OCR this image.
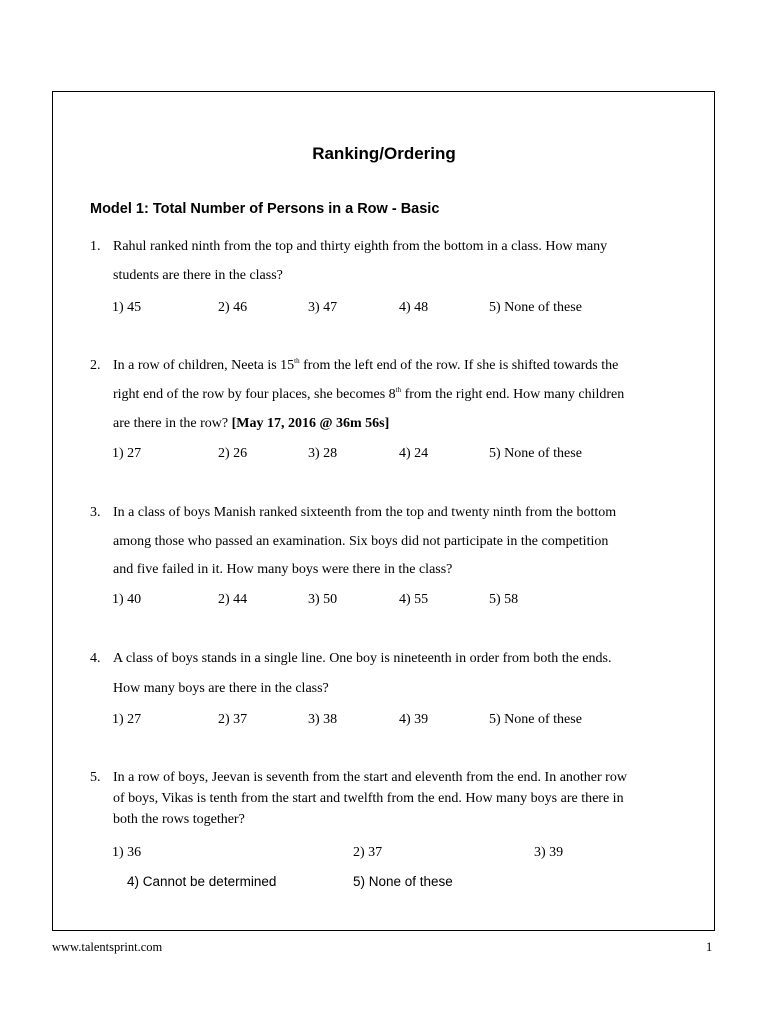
Ranking/Ordering
Model 1: Total Number of Persons in a Row - Basic
1. Rahul ranked ninth from the top and thirty eighth from the bottom in a class. How many
students are there in the class?
1) 45	2) 46	3) 47	4) 48	5) None of these
2. In a row of children, Neeta is 15th from the left end of the row. If she is shifted towards the
right end of the row by four places, she becomes 8th from the right end. How many children
are there in the row? [May 17, 2016 @ 36m 56s]
1) 27	2) 26	3) 28	4) 24	5) None of these
3. In a class of boys Manish ranked sixteenth from the top and twenty ninth from the bottom
among those who passed an examination. Six boys did not participate in the competition
and five failed in it. How many boys were there in the class?
1) 40	2) 44	3) 50	4) 55	5) 58
4. A class of boys stands in a single line. One boy is nineteenth in order from both the ends.
How many boys are there in the class?
1) 27	2) 37	3) 38	4) 39	5) None of these
5. In a row of boys, Jeevan is seventh from the start and eleventh from the end. In another row
of boys, Vikas is tenth from the start and twelfth from the end. How many boys are there in
both the rows together?
1) 36	2) 37	3) 39
4) Cannot be determined	5) None of these
www.talentsprint.com	1
